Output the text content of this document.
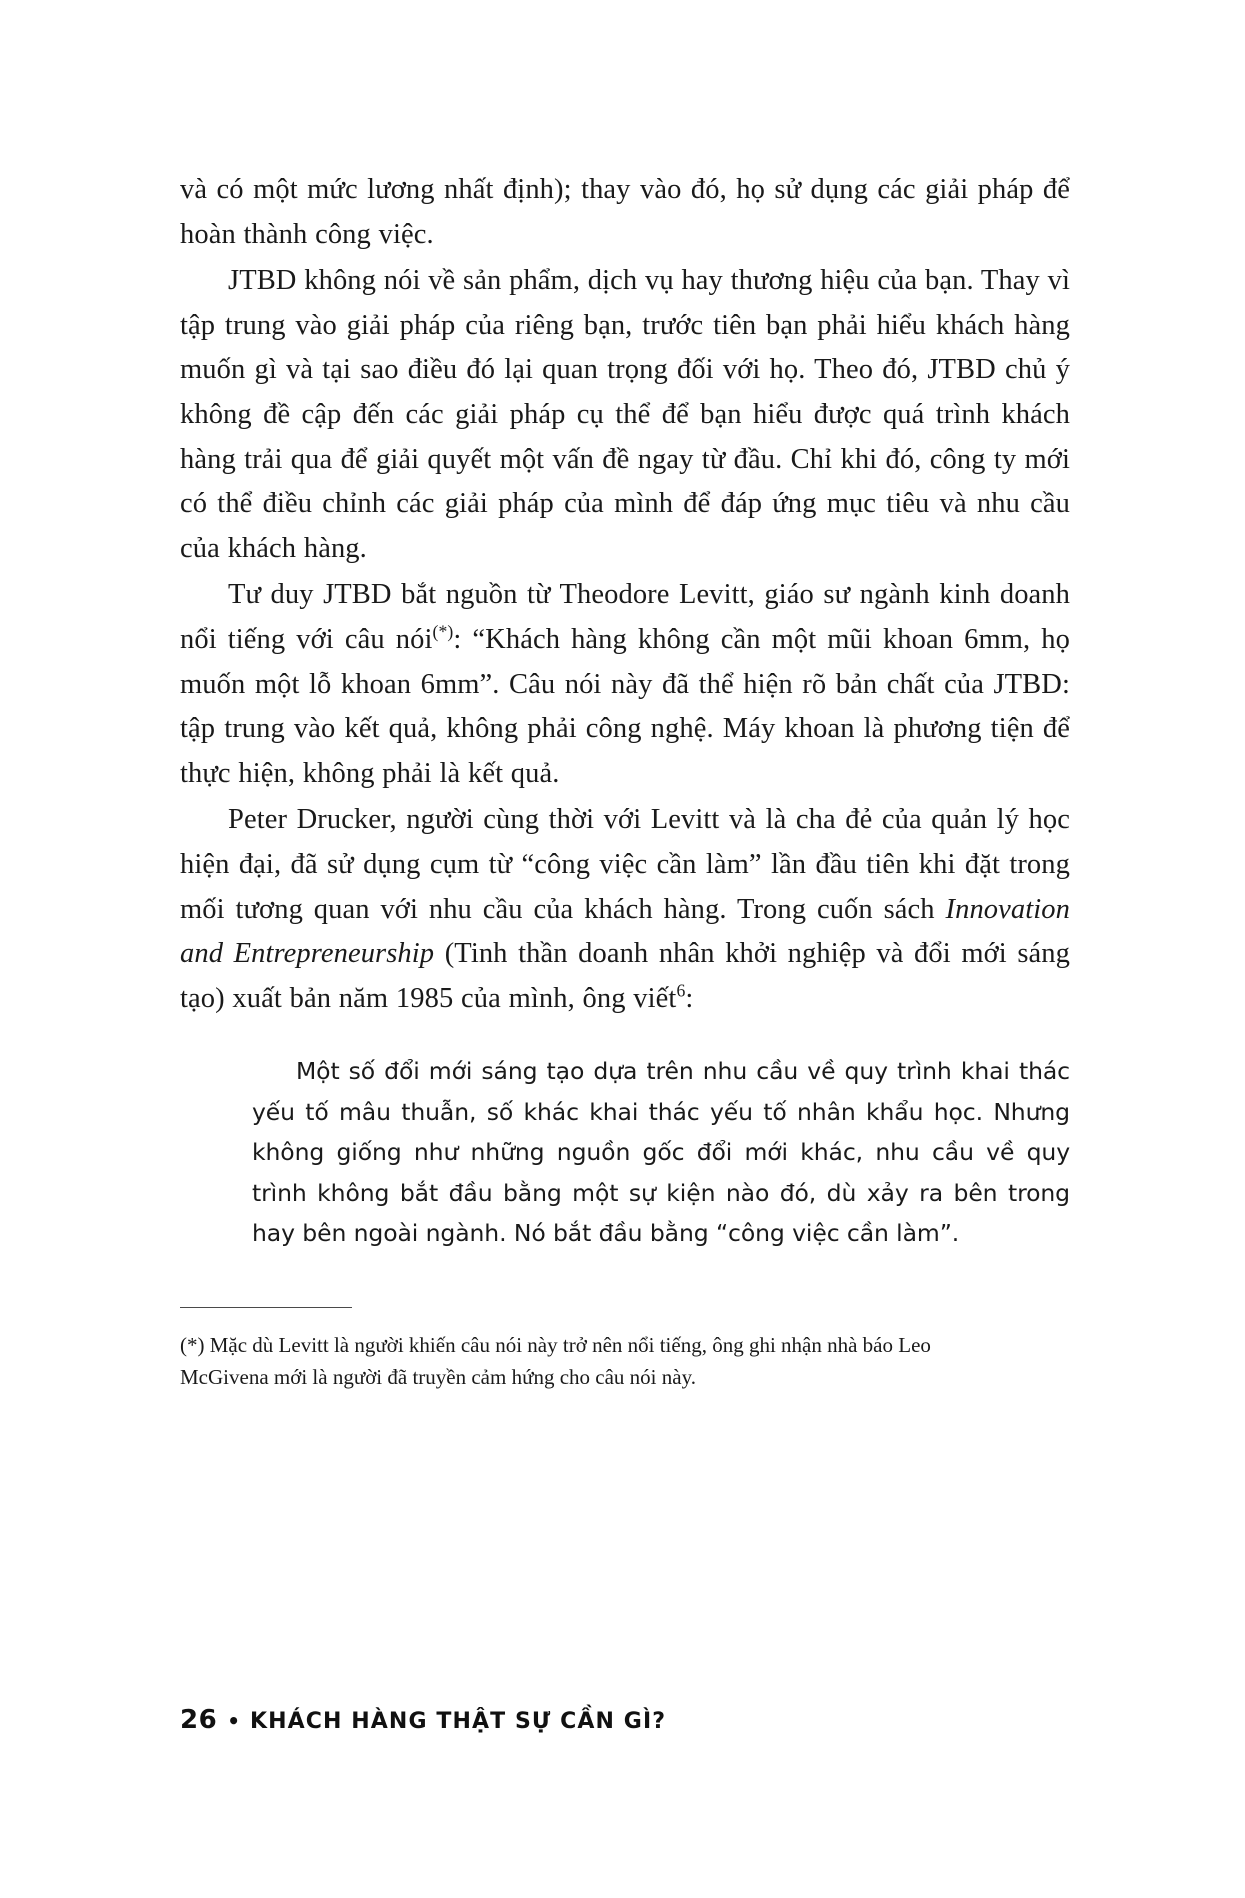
và có một mức lương nhất định); thay vào đó, họ sử dụng các giải pháp để hoàn thành công việc.

JTBD không nói về sản phẩm, dịch vụ hay thương hiệu của bạn. Thay vì tập trung vào giải pháp của riêng bạn, trước tiên bạn phải hiểu khách hàng muốn gì và tại sao điều đó lại quan trọng đối với họ. Theo đó, JTBD chủ ý không đề cập đến các giải pháp cụ thể để bạn hiểu được quá trình khách hàng trải qua để giải quyết một vấn đề ngay từ đầu. Chỉ khi đó, công ty mới có thể điều chỉnh các giải pháp của mình để đáp ứng mục tiêu và nhu cầu của khách hàng.

Tư duy JTBD bắt nguồn từ Theodore Levitt, giáo sư ngành kinh doanh nổi tiếng với câu nói(*): “Khách hàng không cần một mũi khoan 6mm, họ muốn một lỗ khoan 6mm”. Câu nói này đã thể hiện rõ bản chất của JTBD: tập trung vào kết quả, không phải công nghệ. Máy khoan là phương tiện để thực hiện, không phải là kết quả.

Peter Drucker, người cùng thời với Levitt và là cha đẻ của quản lý học hiện đại, đã sử dụng cụm từ “công việc cần làm” lần đầu tiên khi đặt trong mối tương quan với nhu cầu của khách hàng. Trong cuốn sách Innovation and Entrepreneurship (Tinh thần doanh nhân khởi nghiệp và đổi mới sáng tạo) xuất bản năm 1985 của mình, ông viết$^6$:

Một số đổi mới sáng tạo dựa trên nhu cầu về quy trình khai thác yếu tố mâu thuẫn, số khác khai thác yếu tố nhân khẩu học. Nhưng không giống như những nguồn gốc đổi mới khác, nhu cầu về quy trình không bắt đầu bằng một sự kiện nào đó, dù xảy ra bên trong hay bên ngoài ngành. Nó bắt đầu bằng “công việc cần làm”.
(*) Mặc dù Levitt là người khiến câu nói này trở nên nổi tiếng, ông ghi nhận nhà báo Leo McGivena mới là người đã truyền cảm hứng cho câu nói này.
26 • KHÁCH HÀNG THẬT SỰ CẦN GÌ?
